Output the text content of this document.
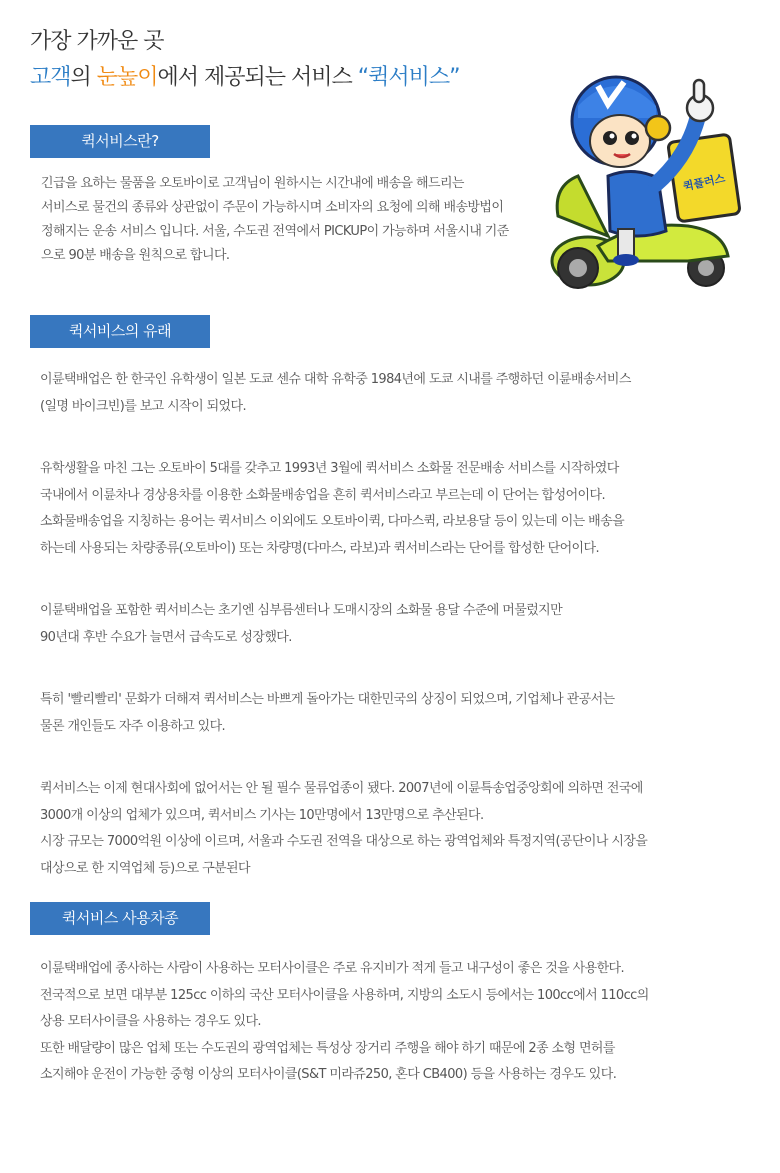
가장 가까운 곳
고객의 눈높이에서 제공되는 서비스 “퀵서비스”
퀵플러스
퀵서비스란?
긴급을 요하는 물품을 오토바이로 고객님이 원하시는 시간내에 배송을 해드리는
서비스로 물건의 종류와 상관없이 주문이 가능하시며 소비자의 요청에 의해 배송방법이
정해지는 운송 서비스 입니다. 서울, 수도권 전역에서 PICKUP이 가능하며 서울시내 기준
으로 90분 배송을 원칙으로 합니다.
퀵서비스의 유래
이륜택배업은 한 한국인 유학생이 일본 도쿄 센슈 대학 유학중 1984년에 도쿄 시내를 주행하던 이륜배송서비스
(일명 바이크빈)를 보고 시작이 되었다.
유학생활을 마친 그는 오토바이 5대를 갖추고 1993년 3월에 퀵서비스 소화물 전문배송 서비스를 시작하였다
국내에서 이륜차나 경상용차를 이용한 소화물배송업을 흔히 퀵서비스라고 부르는데 이 단어는 합성어이다.
소화물배송업을 지칭하는 용어는 퀵서비스 이외에도 오토바이퀵, 다마스퀵, 라보용달 등이 있는데 이는 배송을
하는데 사용되는 차량종류(오토바이) 또는 차량명(다마스, 라보)과 퀵서비스라는 단어를 합성한 단어이다.
이륜택배업을 포함한 퀵서비스는 초기엔 심부름센터나 도매시장의 소화물 용달 수준에 머물렀지만
90년대 후반 수요가 늘면서 급속도로 성장했다.
특히 '빨리빨리' 문화가 더해져 퀵서비스는 바쁘게 돌아가는 대한민국의 상징이 되었으며, 기업체나 관공서는
물론 개인들도 자주 이용하고 있다.
퀵서비스는 이제 현대사회에 없어서는 안 될 필수 물류업종이 됐다. 2007년에 이륜특송업중앙회에 의하면 전국에
3000개 이상의 업체가 있으며, 퀵서비스 기사는 10만명에서 13만명으로 추산된다.
시장 규모는 7000억원 이상에 이르며, 서울과 수도권 전역을 대상으로 하는 광역업체와 특정지역(공단이나 시장을
대상으로 한 지역업체 등)으로 구분된다
퀵서비스 사용차종
이륜택배업에 종사하는 사람이 사용하는 모터사이클은 주로 유지비가 적게 들고 내구성이 좋은 것을 사용한다.
전국적으로 보면 대부분 125cc 이하의 국산 모터사이클을 사용하며, 지방의 소도시 등에서는 100cc에서 110cc의
상용 모터사이클을 사용하는 경우도 있다.
또한 배달량이 많은 업체 또는 수도권의 광역업체는 특성상 장거리 주행을 해야 하기 때문에 2종 소형 면허를
소지해야 운전이 가능한 중형 이상의 모터사이클(S&T 미라쥬250, 혼다 CB400) 등을 사용하는 경우도 있다.
